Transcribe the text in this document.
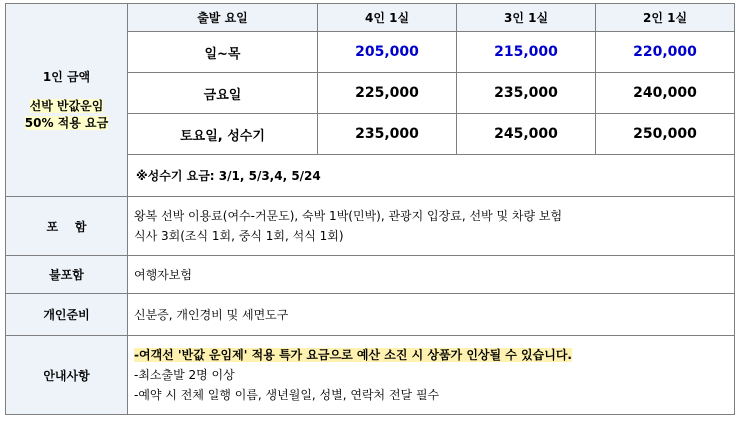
1인 금액
선박 반값운임
50% 적용 요금	출발 요일	4인 1실	3인 1실	2인 1실
	일~목	205,000	215,000	220,000
	금요일	225,000	235,000	240,000
	토요일, 성수기	235,000	245,000	250,000
	※성수기 요금: 3/1, 5/3,4, 5/24			
포    함	왕복 선박 이용료(여수-거문도), 숙박 1박(민박), 관광지 입장료, 선박 및 차량 보험
식사 3회(조식 1회, 중식 1회, 석식 1회)			

불포함	여행자보험			
개인준비	신분증, 개인경비 및 세면도구			
안내사항	-여객선 '반값 운임제' 적용 특가 요금으로 예산 소진 시 상품가 인상될 수 있습니다.
-최소출발 2명 이상
-예약 시 전체 일행 이름, 생년월일, 성별, 연락처 전달 필수			
